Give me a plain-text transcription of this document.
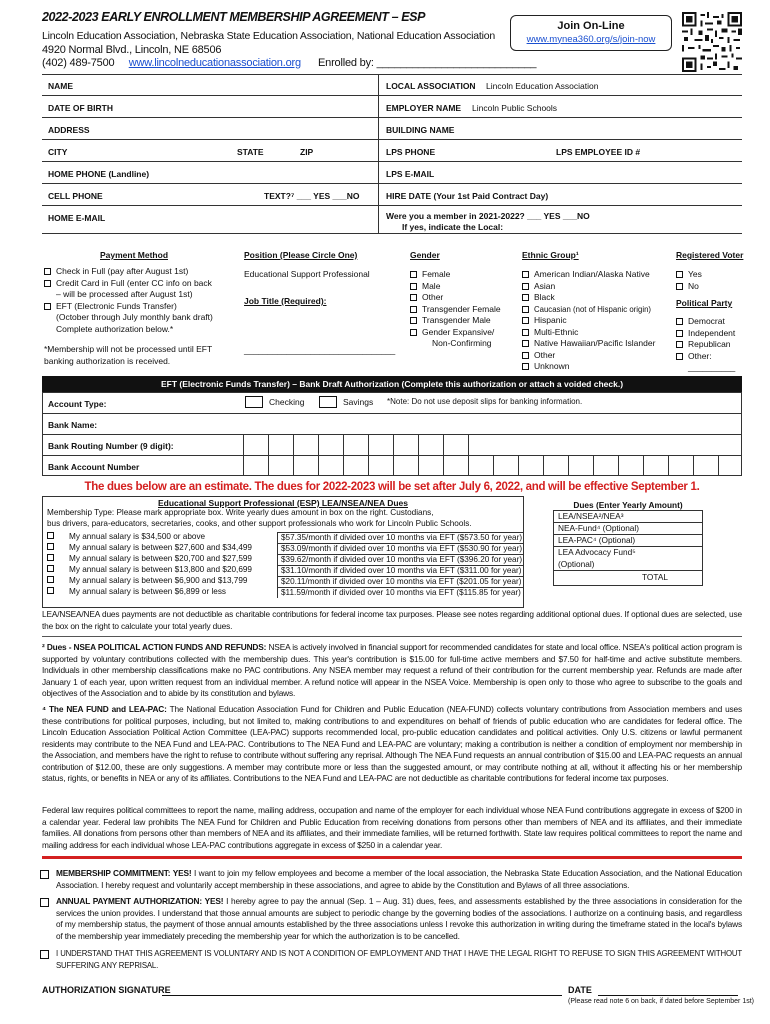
2022-2023 EARLY ENROLLMENT MEMBERSHIP AGREEMENT – ESP
Lincoln Education Association, Nebraska State Education Association, National Education Association
4920 Normal Blvd., Lincoln, NE 68506
(402) 489-7500 www.lincolneducationassociation.org Enrolled by: ___________________________
Join On-Line
www.mynea360.org/s/join-now
NAME	LOCAL ASSOCIATION Lincoln Education Association
DATE OF BIRTH	EMPLOYER NAME Lincoln Public Schools
ADDRESS	BUILDING NAME
CITY	STATE	ZIP	LPS PHONE	LPS EMPLOYEE ID #
HOME PHONE (Landline)	LPS E-MAIL
CELL PHONE	TEXT?⁷ ___ YES ___NO	HIRE DATE (Your 1st Paid Contract Day)
HOME E-MAIL	Were you a member in 2021-2022? ___ YES ___NO
If yes, indicate the Local:
Payment Method
Check in Full (pay after August 1st)
Credit Card in Full (enter CC info on back
– will be processed after August 1st)
EFT (Electronic Funds Transfer)
(October through July monthly bank draft)
Complete authorization below.*
*Membership will not be processed until EFT
banking authorization is received.
Position (Please Circle One)
Educational Support Professional
Job Title (Required):
________________________________
Gender
Female
Male
Other
Transgender Female
Transgender Male
Gender Expansive/
Non-Confirming
Ethnic Group¹
American Indian/Alaska Native
Asian
Black
Caucasian (not of Hispanic origin)
Hispanic
Multi-Ethnic
Native Hawaiian/Pacific Islander
Other
Unknown
Registered Voter
Yes
No
Political Party
Democrat
Independent
Republican
Other:
__________
EFT (Electronic Funds Transfer) – Bank Draft Authorization (Complete this authorization or attach a voided check.)
Account Type:	Checking	Savings *Note: Do not use deposit slips for banking information.
Bank Name:
Bank Routing Number (9 digit):
Bank Account Number
The dues below are an estimate. The dues for 2022-2023 will be set after July 6, 2022, and will be effective September 1.
Educational Support Professional (ESP) LEA/NSEA/NEA Dues
Membership Type: Please mark appropriate box. Write yearly dues amount in box on the right. Custodians,
bus drivers, para-educators, secretaries, cooks, and other support professionals who work for Lincoln Public Schools.
My annual salary is $34,500 or above	$57.35/month if divided over 10 months via EFT ($573.50 for year)
My annual salary is between $27,600 and $34,499	$53.09/month if divided over 10 months via EFT ($530.90 for year)
My annual salary is between $20,700 and $27,599	$39.62/month if divided over 10 months via EFT ($396.20 for year)
My annual salary is between $13,800 and $20,699	$31.10/month if divided over 10 months via EFT ($311.00 for year)
My annual salary is between $6,900 and $13,799	$20.11/month if divided over 10 months via EFT ($201.05 for year)
My annual salary is between $6,899 or less	$11.59/month if divided over 10 months via EFT ($115.85 for year)
Dues (Enter Yearly Amount)
LEA/NSEA²/NEA³
NEA-Fund⁴ (Optional)
LEA-PAC⁴ (Optional)
LEA Advocacy Fund⁵
(Optional)
TOTAL
LEA/NSEA/NEA dues payments are not deductible as charitable contributions for federal income tax purposes. Please see notes regarding additional optional dues. If optional dues are selected, use the box on the right to calculate your total yearly dues.
² Dues - NSEA POLITICAL ACTION FUNDS AND REFUNDS: NSEA is actively involved in financial support for recommended candidates for state and local office. NSEA's political action program is supported by voluntary contributions collected with the membership dues. This year's contribution is $15.00 for full-time active members and $7.50 for half-time and active substitute members. Individuals in other membership classifications make no PAC contributions. Any NSEA member may request a refund of their contribution for the current membership year. Refunds are made after January 1 of each year, upon written request from an individual member. A refund notice will appear in the NSEA Voice. Membership is open only to those who agree to subscribe to the goals and objectives of the Association and to abide by its constitution and bylaws.
⁴ The NEA FUND and LEA-PAC: The National Education Association Fund for Children and Public Education (NEA-FUND) collects voluntary contributions from Association members and uses these contributions for political purposes, including, but not limited to, making contributions to and expenditures on behalf of friends of public education who are candidates for federal office. The Lincoln Education Association Political Action Committee (LEA-PAC) supports recommended local, pro-public education candidates and political activities. Only U.S. citizens or lawful permanent residents may contribute to the NEA Fund and LEA-PAC. Contributions to The NEA Fund and LEA-PAC are voluntary; making a contribution is neither a condition of employment nor membership in the Association, and members have the right to refuse to contribute without suffering any reprisal. Although The NEA Fund requests an annual contribution of $15.00 and LEA-PAC requests an annual contribution of $12.00, these are only suggestions. A member may contribute more or less than the suggested amount, or may contribute nothing at all, without it affecting his or her membership status, rights, or benefits in NEA or any of its affiliates. Contributions to the NEA Fund and LEA-PAC are not deductible as charitable contributions for federal income tax purposes.
Federal law requires political committees to report the name, mailing address, occupation and name of the employer for each individual whose NEA Fund contributions aggregate in excess of $200 in a calendar year. Federal law prohibits The NEA Fund for Children and Public Education from receiving donations from persons other than members of NEA and its affiliates, and their immediate families. All donations from persons other than members of NEA and its affiliates, and their immediate families, will be returned forthwith. State law requires political committees to report the name and mailing address for each individual whose LEA-PAC contributions aggregate in excess of $250 in a calendar year.
MEMBERSHIP COMMITMENT: YES! I want to join my fellow employees and become a member of the local association, the Nebraska State Education Association, and the National Education Association. I hereby request and voluntarily accept membership in these associations, and agree to abide by the Constitution and Bylaws of all three associations.
ANNUAL PAYMENT AUTHORIZATION: YES! I hereby agree to pay the annual (Sep. 1 – Aug. 31) dues, fees, and assessments established by the three associations in consideration for the services the union provides. I understand that those annual amounts are subject to periodic change by the governing bodies of the associations. I authorize on a continuing basis, and regardless of my membership status, the payment of those annual amounts established by the three associations unless I revoke this authorization in writing during the timeframe stated in the local's bylaws of the membership year immediately preceding the membership year for which the authorization is to be cancelled.
I UNDERSTAND THAT THIS AGREEMENT IS VOLUNTARY AND IS NOT A CONDITION OF EMPLOYMENT AND THAT I HAVE THE LEGAL RIGHT TO REFUSE TO SIGN THIS AGREEMENT WITHOUT SUFFERING ANY REPRISAL.
AUTHORIZATION SIGNATURE	DATE
(Please read note 6 on back, if dated before September 1st)
